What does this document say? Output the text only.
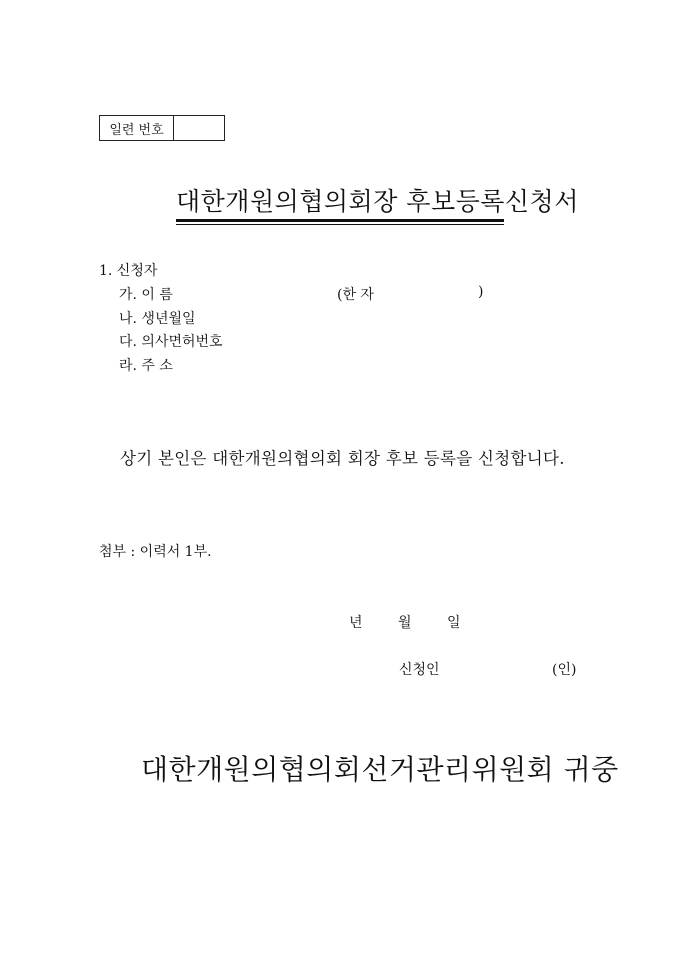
일련 번호
대한개원의협의회장 후보등록신청서
1. 신청자
가. 이 름	(한 자	)
나. 생년월일
다. 의사면허번호
라. 주 소
상기 본인은 대한개원의협의회 회장 후보 등록을 신청합니다.
첨부 : 이력서 1부.
년	월	일
신청인	(인)
대한개원의협의회선거관리위원회 귀중
